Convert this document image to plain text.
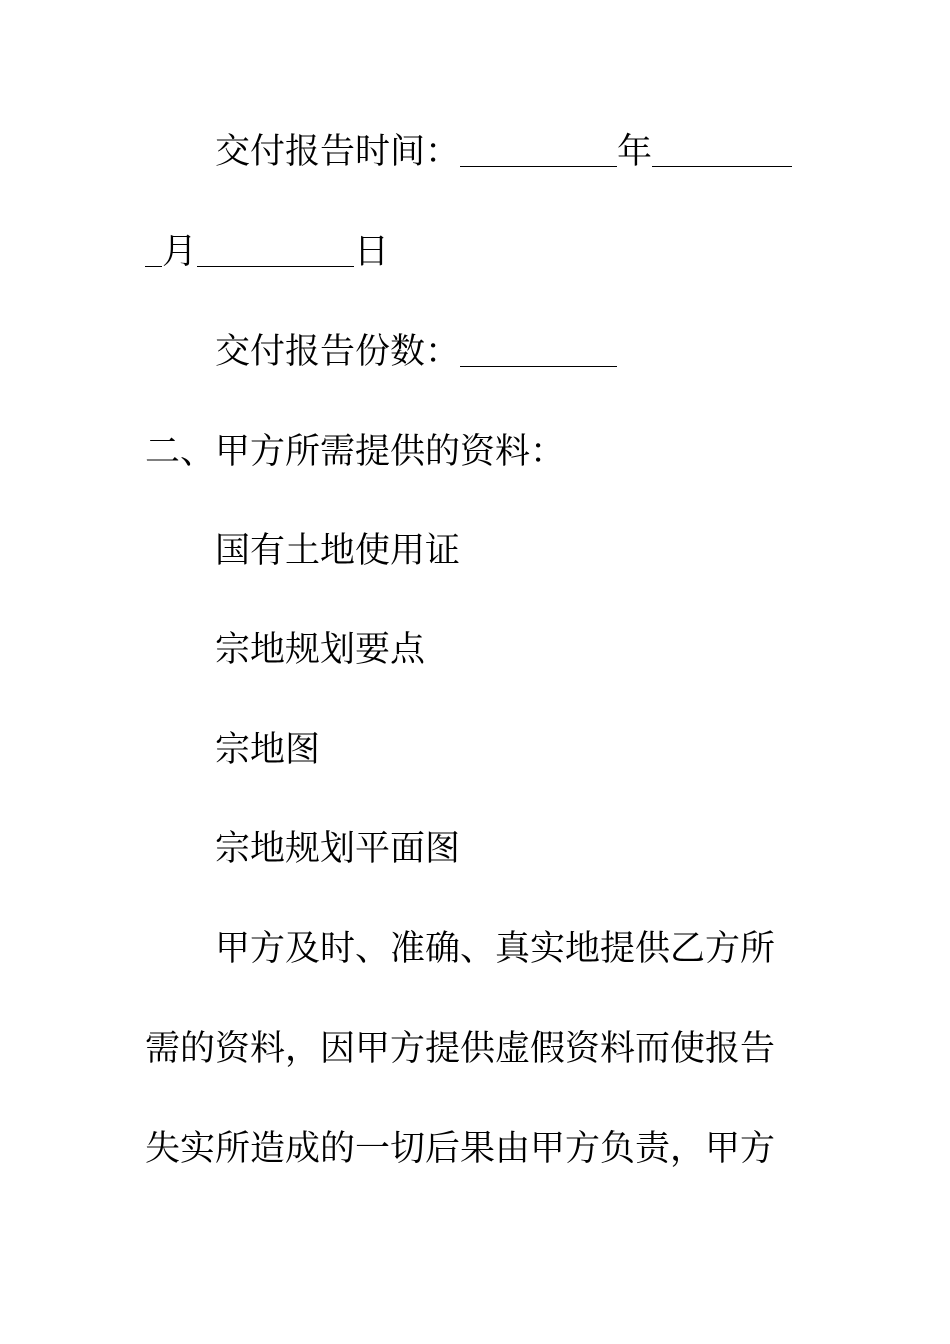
交付报告时间：	年
月	日
交付报告份数：
二、甲方所需提供的资料：
国有土地使用证
宗地规划要点
宗地图
宗地规划平面图
甲方及时、准确、真实地提供乙方所
需的资料，因甲方提供虚假资料而使报告
失实所造成的一切后果由甲方负责，甲方
